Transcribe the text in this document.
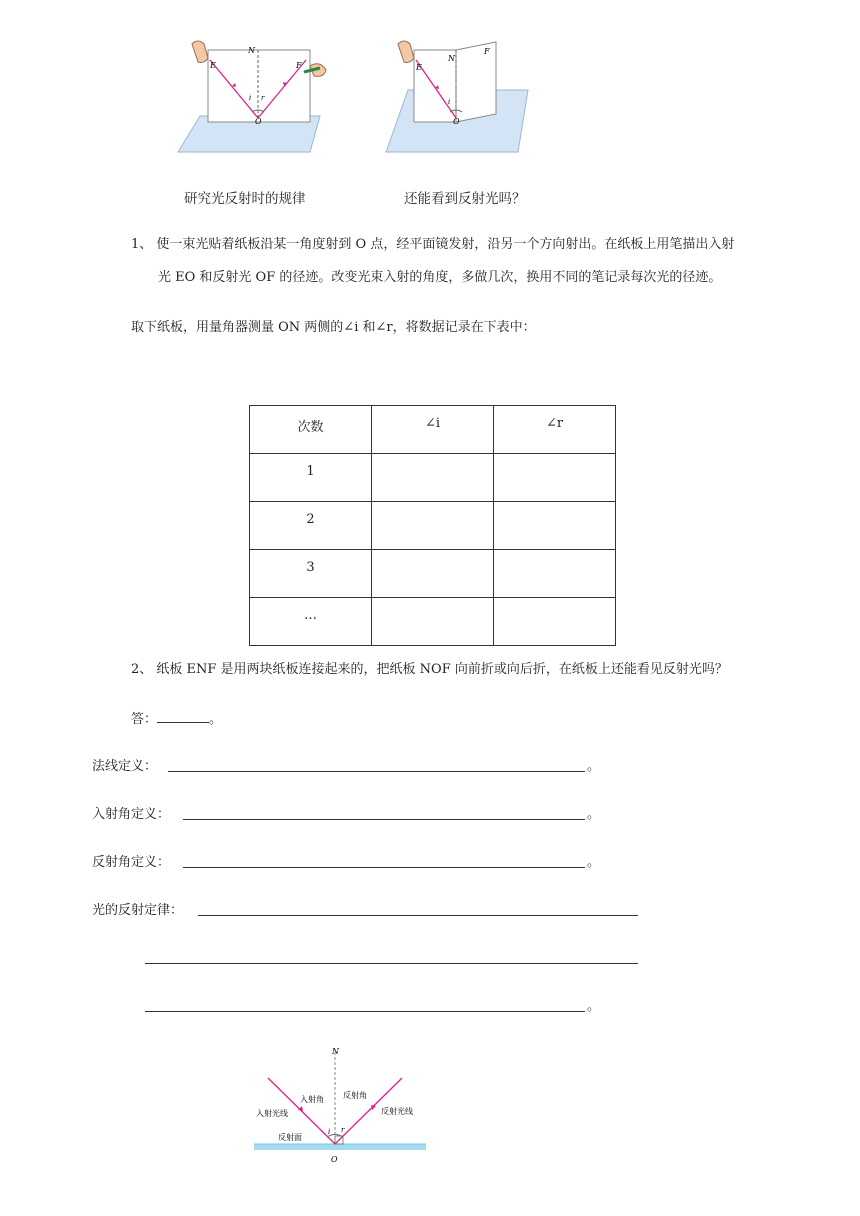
N
E	F
i r
O
N
E
F
i
O
研究光反射时的规律	还能看到反射光吗？
1、 使一束光贴着纸板沿某一角度射到 O 点，经平面镜发射，沿另一个方向射出。在纸板上用笔描出入射
光 EO 和反射光 OF 的径迹。改变光束入射的角度，多做几次，换用不同的笔记录每次光的径迹。
取下纸板，用量角器测量 ON 两侧的∠i 和∠r，将数据记录在下表中：
次数	∠i	∠r
1		
2		
3		
…		
2、 纸板 ENF 是用两块纸板连接起来的，把纸板 NOF 向前折或向后折，在纸板上还能看见反射光吗？
答：	。
法线定义：	。
入射角定义：	。
反射角定义：	。
光的反射定律：
。
N
入射角 反射角
入射光线	反射光线
反射面
i r
O
